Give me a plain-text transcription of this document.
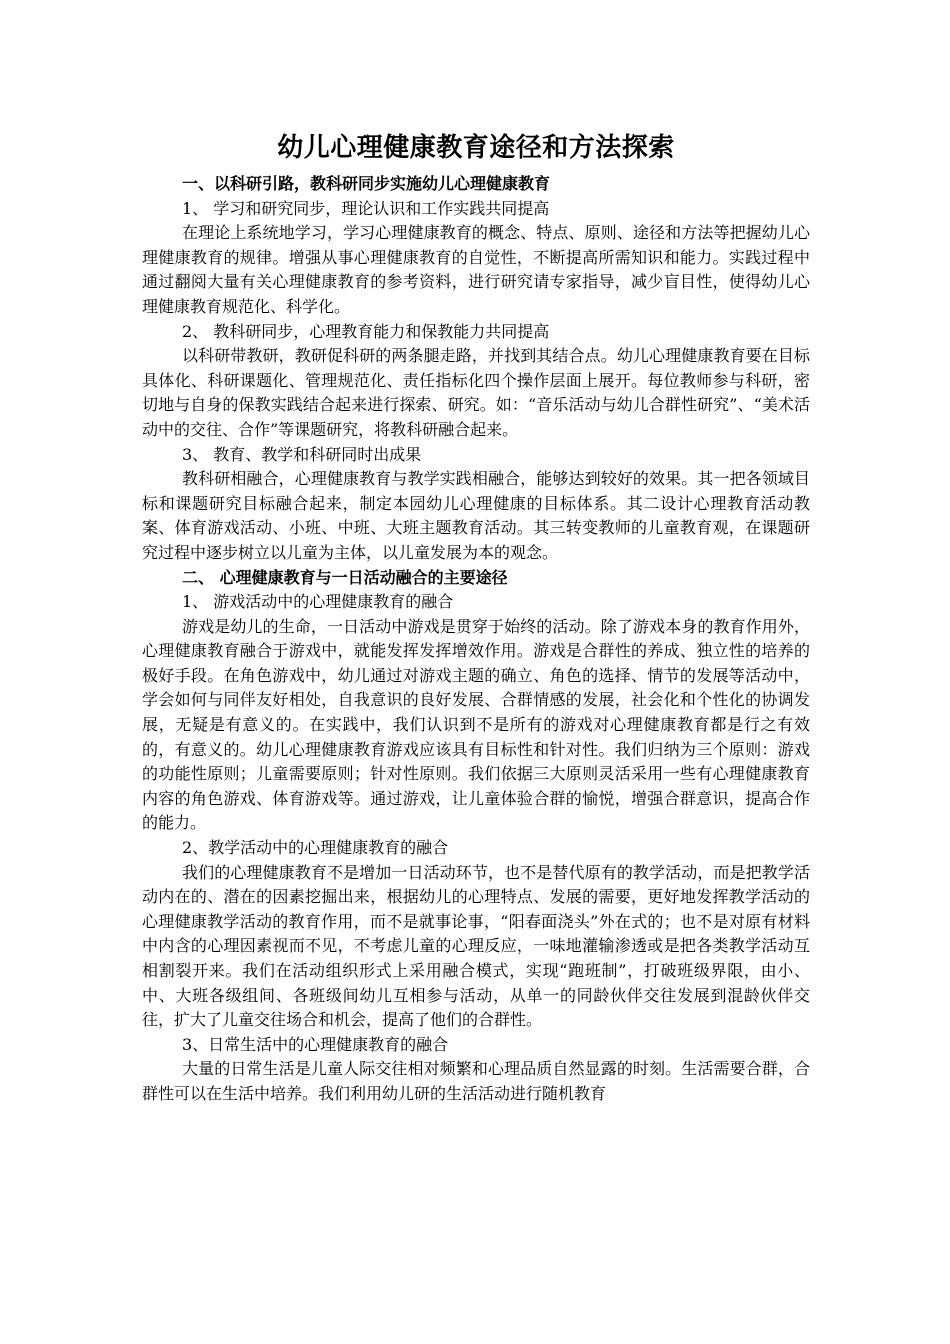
幼儿心理健康教育途径和方法探索

一、以科研引路，教科研同步实施幼儿心理健康教育

1、 学习和研究同步，理论认识和工作实践共同提高

在理论上系统地学习，学习心理健康教育的概念、特点、原则、途径和方法等把握幼儿心理健康教育的规律。增强从事心理健康教育的自觉性，不断提高所需知识和能力。实践过程中通过翻阅大量有关心理健康教育的参考资料，进行研究请专家指导，减少盲目性，使得幼儿心理健康教育规范化、科学化。

2、 教科研同步，心理教育能力和保教能力共同提高

以科研带教研，教研促科研的两条腿走路，并找到其结合点。幼儿心理健康教育要在目标具体化、科研课题化、管理规范化、责任指标化四个操作层面上展开。每位教师参与科研，密切地与自身的保教实践结合起来进行探索、研究。如：“音乐活动与幼儿合群性研究”、“美术活动中的交往、合作”等课题研究，将教科研融合起来。

3、 教育、教学和科研同时出成果

教科研相融合，心理健康教育与教学实践相融合，能够达到较好的效果。其一把各领域目标和课题研究目标融合起来，制定本园幼儿心理健康的目标体系。其二设计心理教育活动教案、体育游戏活动、小班、中班、大班主题教育活动。其三转变教师的儿童教育观，在课题研究过程中逐步树立以儿童为主体，以儿童发展为本的观念。

二、 心理健康教育与一日活动融合的主要途径

1、 游戏活动中的心理健康教育的融合

游戏是幼儿的生命，一日活动中游戏是贯穿于始终的活动。除了游戏本身的教育作用外，心理健康教育融合于游戏中，就能发挥发挥增效作用。游戏是合群性的养成、独立性的培养的极好手段。在角色游戏中，幼儿通过对游戏主题的确立、角色的选择、情节的发展等活动中，学会如何与同伴友好相处，自我意识的良好发展、合群情感的发展，社会化和个性化的协调发展，无疑是有意义的。在实践中，我们认识到不是所有的游戏对心理健康教育都是行之有效的，有意义的。幼儿心理健康教育游戏应该具有目标性和针对性。我们归纳为三个原则：游戏的功能性原则；儿童需要原则；针对性原则。我们依据三大原则灵活采用一些有心理健康教育内容的角色游戏、体育游戏等。通过游戏，让儿童体验合群的愉悦，增强合群意识，提高合作的能力。

2、教学活动中的心理健康教育的融合

我们的心理健康教育不是增加一日活动环节，也不是替代原有的教学活动，而是把教学活动内在的、潜在的因素挖掘出来，根据幼儿的心理特点、发展的需要，更好地发挥教学活动的心理健康教学活动的教育作用，而不是就事论事，“阳春面浇头”外在式的；也不是对原有材料中内含的心理因素视而不见，不考虑儿童的心理反应，一味地灌输渗透或是把各类教学活动互相割裂开来。我们在活动组织形式上采用融合模式，实现“跑班制”，打破班级界限，由小、中、大班各级组间、各班级间幼儿互相参与活动，从单一的同龄伙伴交往发展到混龄伙伴交往，扩大了儿童交往场合和机会，提高了他们的合群性。

3、日常生活中的心理健康教育的融合

大量的日常生活是儿童人际交往相对频繁和心理品质自然显露的时刻。生活需要合群，合群性可以在生活中培养。我们利用幼儿研的生活活动进行随机教育
